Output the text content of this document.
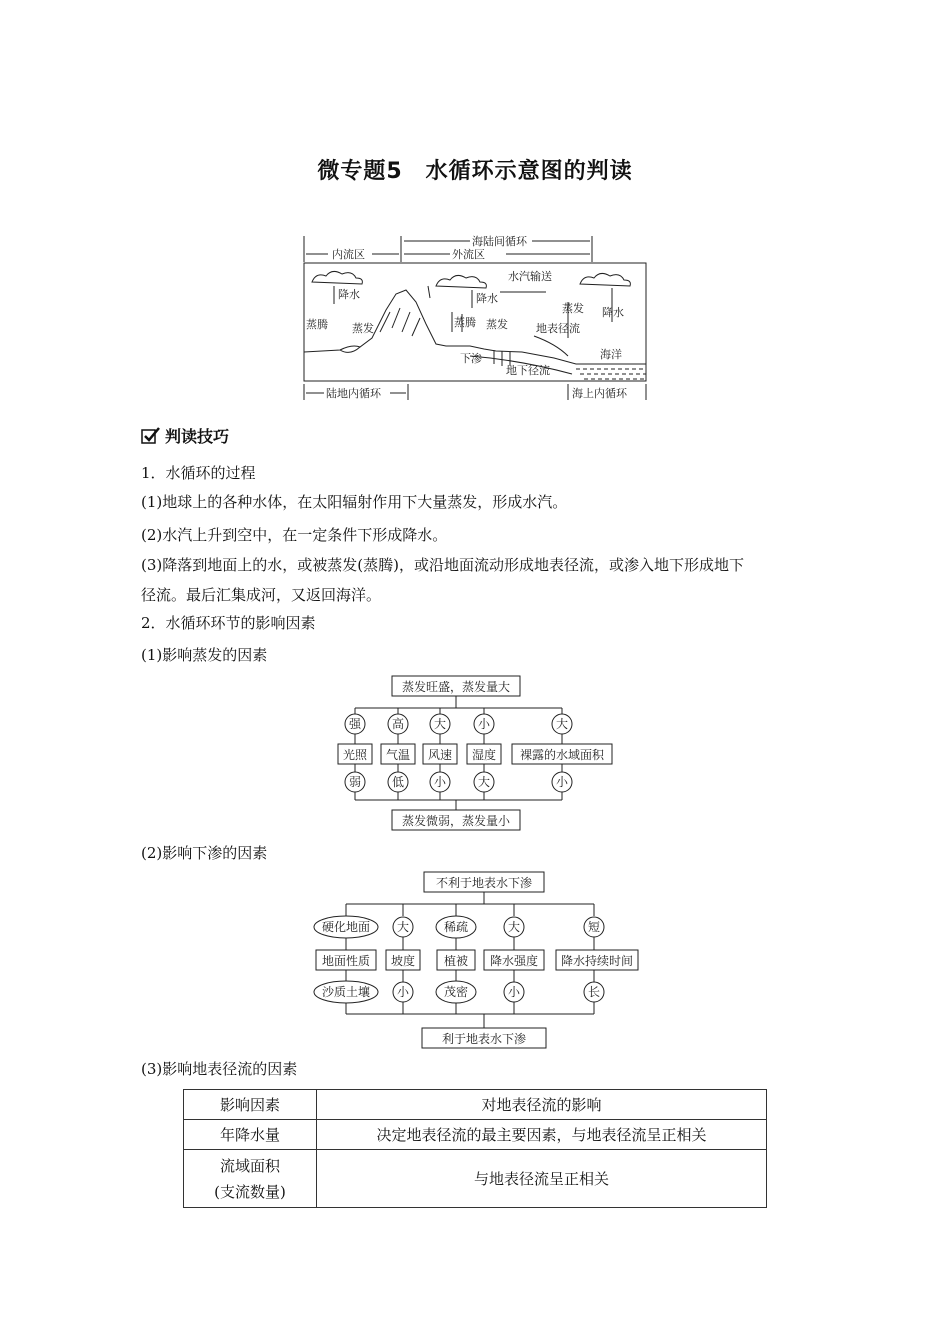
微专题5　水循环示意图的判读
内流区	外流区
海陆间循环
陆地内循环	海上内循环
水汽输送
降水	降水
降水
蒸发
蒸发	蒸发
蒸腾	蒸腾	地表径流
下渗
地下径流
海洋
判读技巧
1．水循环的过程
(1)地球上的各种水体，在太阳辐射作用下大量蒸发，形成水汽。
(2)水汽上升到空中，在一定条件下形成降水。
(3)降落到地面上的水，或被蒸发(蒸腾)，或沿地面流动形成地表径流，或渗入地下形成地下
径流。最后汇集成河，又返回海洋。
2．水循环环节的影响因素
(1)影响蒸发的因素
(2)影响下渗的因素
(3)影响地表径流的因素
蒸发旺盛，蒸发量大
蒸发微弱，蒸发量小
光照 气温 风速 湿度 裸露的水域面积
强	高 大	小	大
弱	低 小	大	小
不利于地表水下渗
利于地表水下渗
地面性质 坡度 植被 降水强度 降水持续时间
硬化地面 大	稀疏	大	短
沙质土壤 小	茂密	小	长
影响因素	对地表径流的影响
年降水量	决定地表径流的最主要因素，与地表径流呈正相关

流域面积
(支流数量)	与地表径流呈正相关
